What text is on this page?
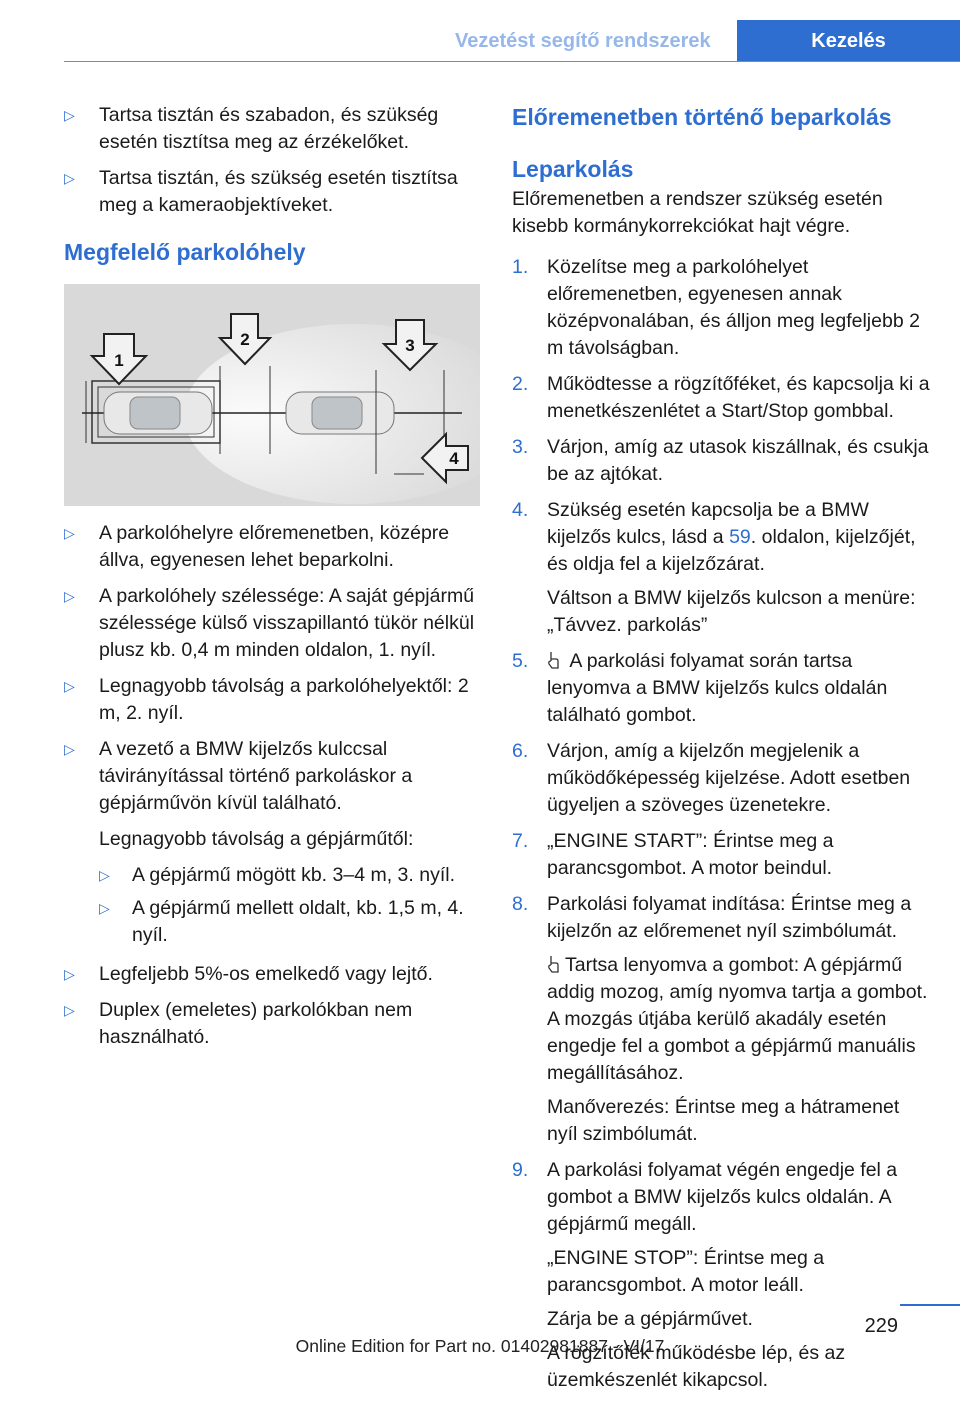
Vezetést segítő rendszerek	Kezelés
▷ Tartsa tisztán és szabadon, és szükség esetén tisztítsa meg az érzékelőket.
▷ Tartsa tisztán, és szükség esetén tisztítsa meg a kameraobjektíveket.
Megfelelő parkolóhely
1
2	3
4
▷ A parkolóhelyre előremenetben, középre állva, egyenesen lehet beparkolni.
▷ A parkolóhely szélessége: A saját gépjármű szélessége külső visszapillantó tükör nélkül plusz kb. 0,4 m minden oldalon, 1. nyíl.
▷ Legnagyobb távolság a parkolóhelyektől: 2 m, 2. nyíl.
▷ A vezető a BMW kijelzős kulccsal távirányítással történő parkoláskor a gépjárművön kívül található.
Legnagyobb távolság a gépjárműtől:
▷ A gépjármű mögött kb. 3–4 m, 3. nyíl.
▷ A gépjármű mellett oldalt, kb. 1,5 m, 4. nyíl.
▷ Legfeljebb 5%-os emelkedő vagy lejtő.
▷ Duplex (emeletes) parkolókban nem használható.
Előremenetben történő beparkolás
Leparkolás
Előremenetben a rendszer szükség esetén kisebb kormánykorrekciókat hajt végre.
1. Közelítse meg a parkolóhelyet előremenetben, egyenesen annak középvonalában, és álljon meg legfeljebb 2 m távolságban.
2. Működtesse a rögzítőféket, és kapcsolja ki a menetkészenlétet a Start/Stop gombbal.
3. Várjon, amíg az utasok kiszállnak, és csukja be az ajtókat.
4. Szükség esetén kapcsolja be a BMW kijelzős kulcs, lásd a 59. oldalon, kijelzőjét, és oldja fel a kijelzőzárat.
Váltson a BMW kijelzős kulcson a menüre: „Távvez. parkolás”
5. A parkolási folyamat során tartsa lenyomva a BMW kijelzős kulcs oldalán található gombot.
6. Várjon, amíg a kijelzőn megjelenik a működőképesség kijelzése. Adott esetben ügyeljen a szöveges üzenetekre.
7. „ENGINE START”: Érintse meg a parancsgombot. A motor beindul.
8. Parkolási folyamat indítása: Érintse meg a kijelzőn az előremenet nyíl szimbólumát.
Tartsa lenyomva a gombot: A gépjármű addig mozog, amíg nyomva tartja a gombot. A mozgás útjába kerülő akadály esetén engedje fel a gombot a gépjármű manuális megállításához.
Manőverezés: Érintse meg a hátramenet nyíl szimbólumát.
9. A parkolási folyamat végén engedje fel a gombot a BMW kijelzős kulcs oldalán. A gépjármű megáll.
„ENGINE STOP”: Érintse meg a parancsgombot. A motor leáll.
Zárja be a gépjárművet.
A rögzítőfék működésbe lép, és az üzemkészenlét kikapcsol.
229
Online Edition for Part no. 01402981887 - VI/17
